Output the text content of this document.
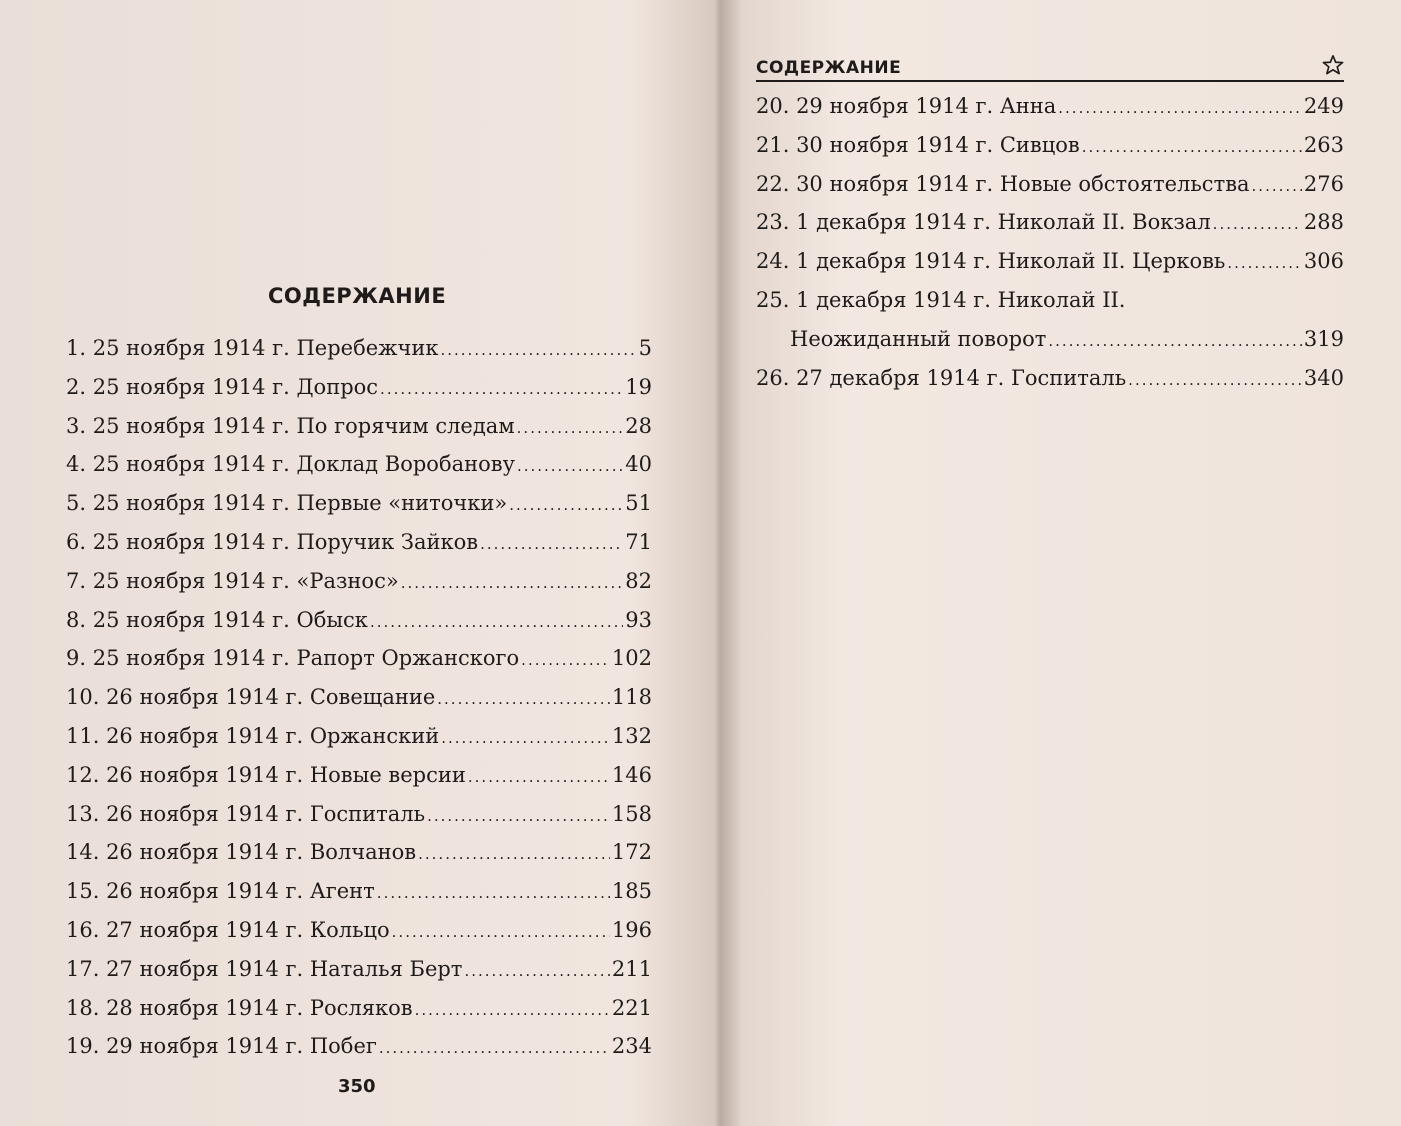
СОДЕРЖАНИЕ
1. 25 ноября 1914 г. Перебежчик .....	5
2. 25 ноября 1914 г. Допрос .....	19
3. 25 ноября 1914 г. По горячим следам .....	28
4. 25 ноября 1914 г. Доклад Воробанову .....	40
5. 25 ноября 1914 г. Первые «ниточки» .....	51
6. 25 ноября 1914 г. Поручик Зайков .....	71
7. 25 ноября 1914 г. «Разнос» .....	82
8. 25 ноября 1914 г. Обыск .....	93
9. 25 ноября 1914 г. Рапорт Оржанского .....	102
10. 26 ноября 1914 г. Совещание .....	118
11. 26 ноября 1914 г. Оржанский .....	132
12. 26 ноября 1914 г. Новые версии .....	146
13. 26 ноября 1914 г. Госпиталь .....	158
14. 26 ноября 1914 г. Волчанов .....	172
15. 26 ноября 1914 г. Агент .....	185
16. 27 ноября 1914 г. Кольцо .....	196
17. 27 ноября 1914 г. Наталья Берт .....	211
18. 28 ноября 1914 г. Росляков .....	221
19. 29 ноября 1914 г. Побег .....	234
350
СОДЕРЖАНИЕ
20. 29 ноября 1914 г. Анна .....	249
21. 30 ноября 1914 г. Сивцов .....	263
22. 30 ноября 1914 г. Новые обстоятельства .....	276
23. 1 декабря 1914 г. Николай II. Вокзал .....	288
24. 1 декабря 1914 г. Николай II. Церковь .....	306
25. 1 декабря 1914 г. Николай II.
Неожиданный поворот .....	319
26. 27 декабря 1914 г. Госпиталь .....	340
